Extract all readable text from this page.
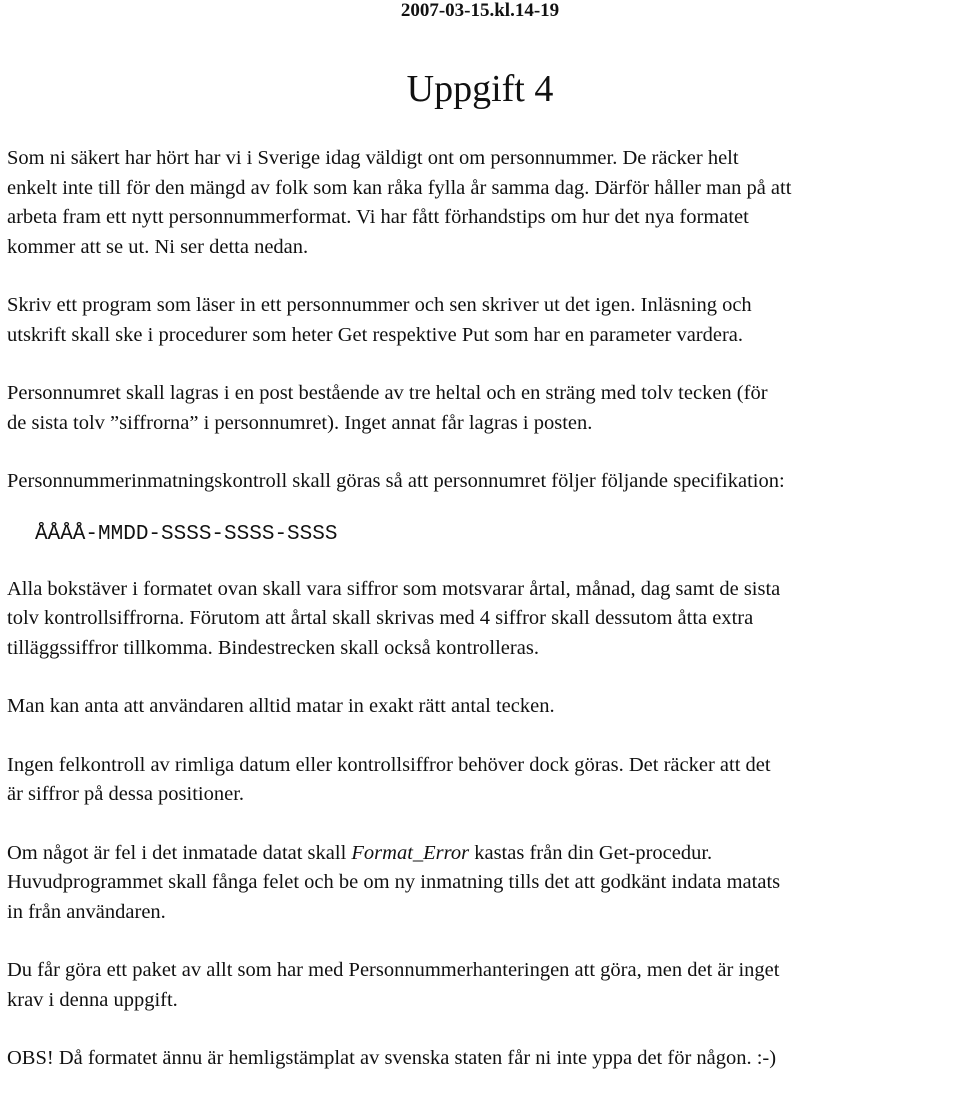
2007-03-15.kl.14-19
Uppgift 4

Som ni säkert har hört har vi i Sverige idag väldigt ont om personnummer. De räcker helt
enkelt inte till för den mängd av folk som kan råka fylla år samma dag. Därför håller man på att
arbeta fram ett nytt personnummerformat. Vi har fått förhandstips om hur det nya formatet
kommer att se ut. Ni ser detta nedan.

Skriv ett program som läser in ett personnummer och sen skriver ut det igen. Inläsning och
utskrift skall ske i procedurer som heter Get respektive Put som har en parameter vardera.

Personnumret skall lagras i en post bestående av tre heltal och en sträng med tolv tecken (för
de sista tolv ”siffrorna” i personnumret). Inget annat får lagras i posten.

Personnummerinmatningskontroll skall göras så att personnumret följer följande specifikation:

ÅÅÅÅ-MMDD-SSSS-SSSS-SSSS

Alla bokstäver i formatet ovan skall vara siffror som motsvarar årtal, månad, dag samt de sista
tolv kontrollsiffrorna. Förutom att årtal skall skrivas med 4 siffror skall dessutom åtta extra
tilläggssiffror tillkomma. Bindestrecken skall också kontrolleras.

Man kan anta att användaren alltid matar in exakt rätt antal tecken.

Ingen felkontroll av rimliga datum eller kontrollsiffror behöver dock göras. Det räcker att det
är siffror på dessa positioner.

Om något är fel i det inmatade datat skall Format_Error kastas från din Get-procedur.
Huvudprogrammet skall fånga felet och be om ny inmatning tills det att godkänt indata matats
in från användaren.

Du får göra ett paket av allt som har med Personnummerhanteringen att göra, men det är inget
krav i denna uppgift.

OBS! Då formatet ännu är hemligstämplat av svenska staten får ni inte yppa det för någon. :-)
